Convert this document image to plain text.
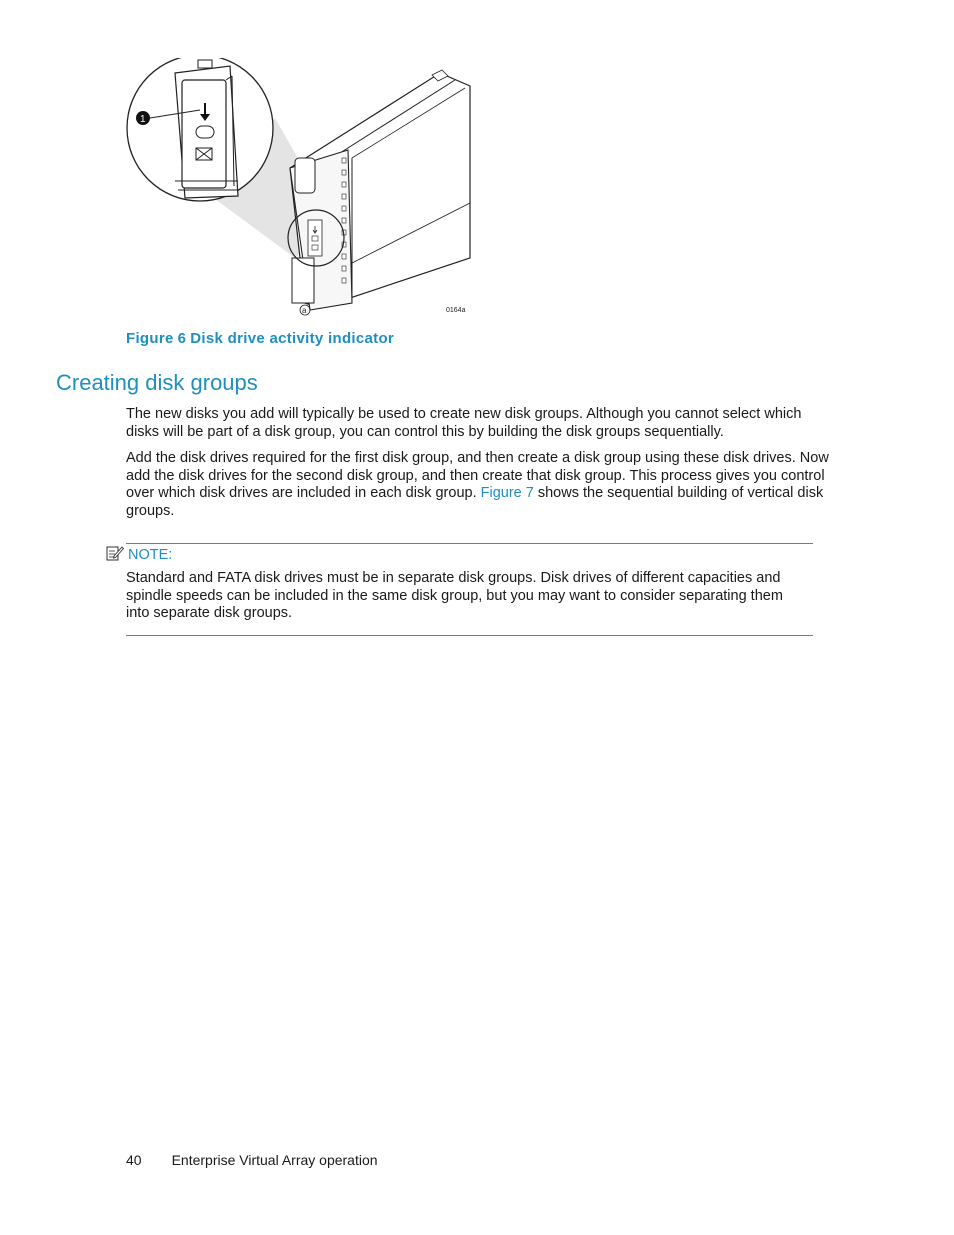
a
1
0164a
Figure 6 Disk drive activity indicator
Creating disk groups

The new disks you add will typically be used to create new disk groups. Although you cannot select which disks will be part of a disk group, you can control this by building the disk groups sequentially.

Add the disk drives required for the first disk group, and then create a disk group using these disk drives. Now add the disk drives for the second disk group, and then create that disk group. This process gives you control over which disk drives are included in each disk group. Figure 7 shows the sequential building of vertical disk groups.

NOTE:

Standard and FATA disk drives must be in separate disk groups. Disk drives of different capacities and spindle speeds can be included in the same disk group, but you may want to consider separating them into separate disk groups.

40 Enterprise Virtual Array operation
